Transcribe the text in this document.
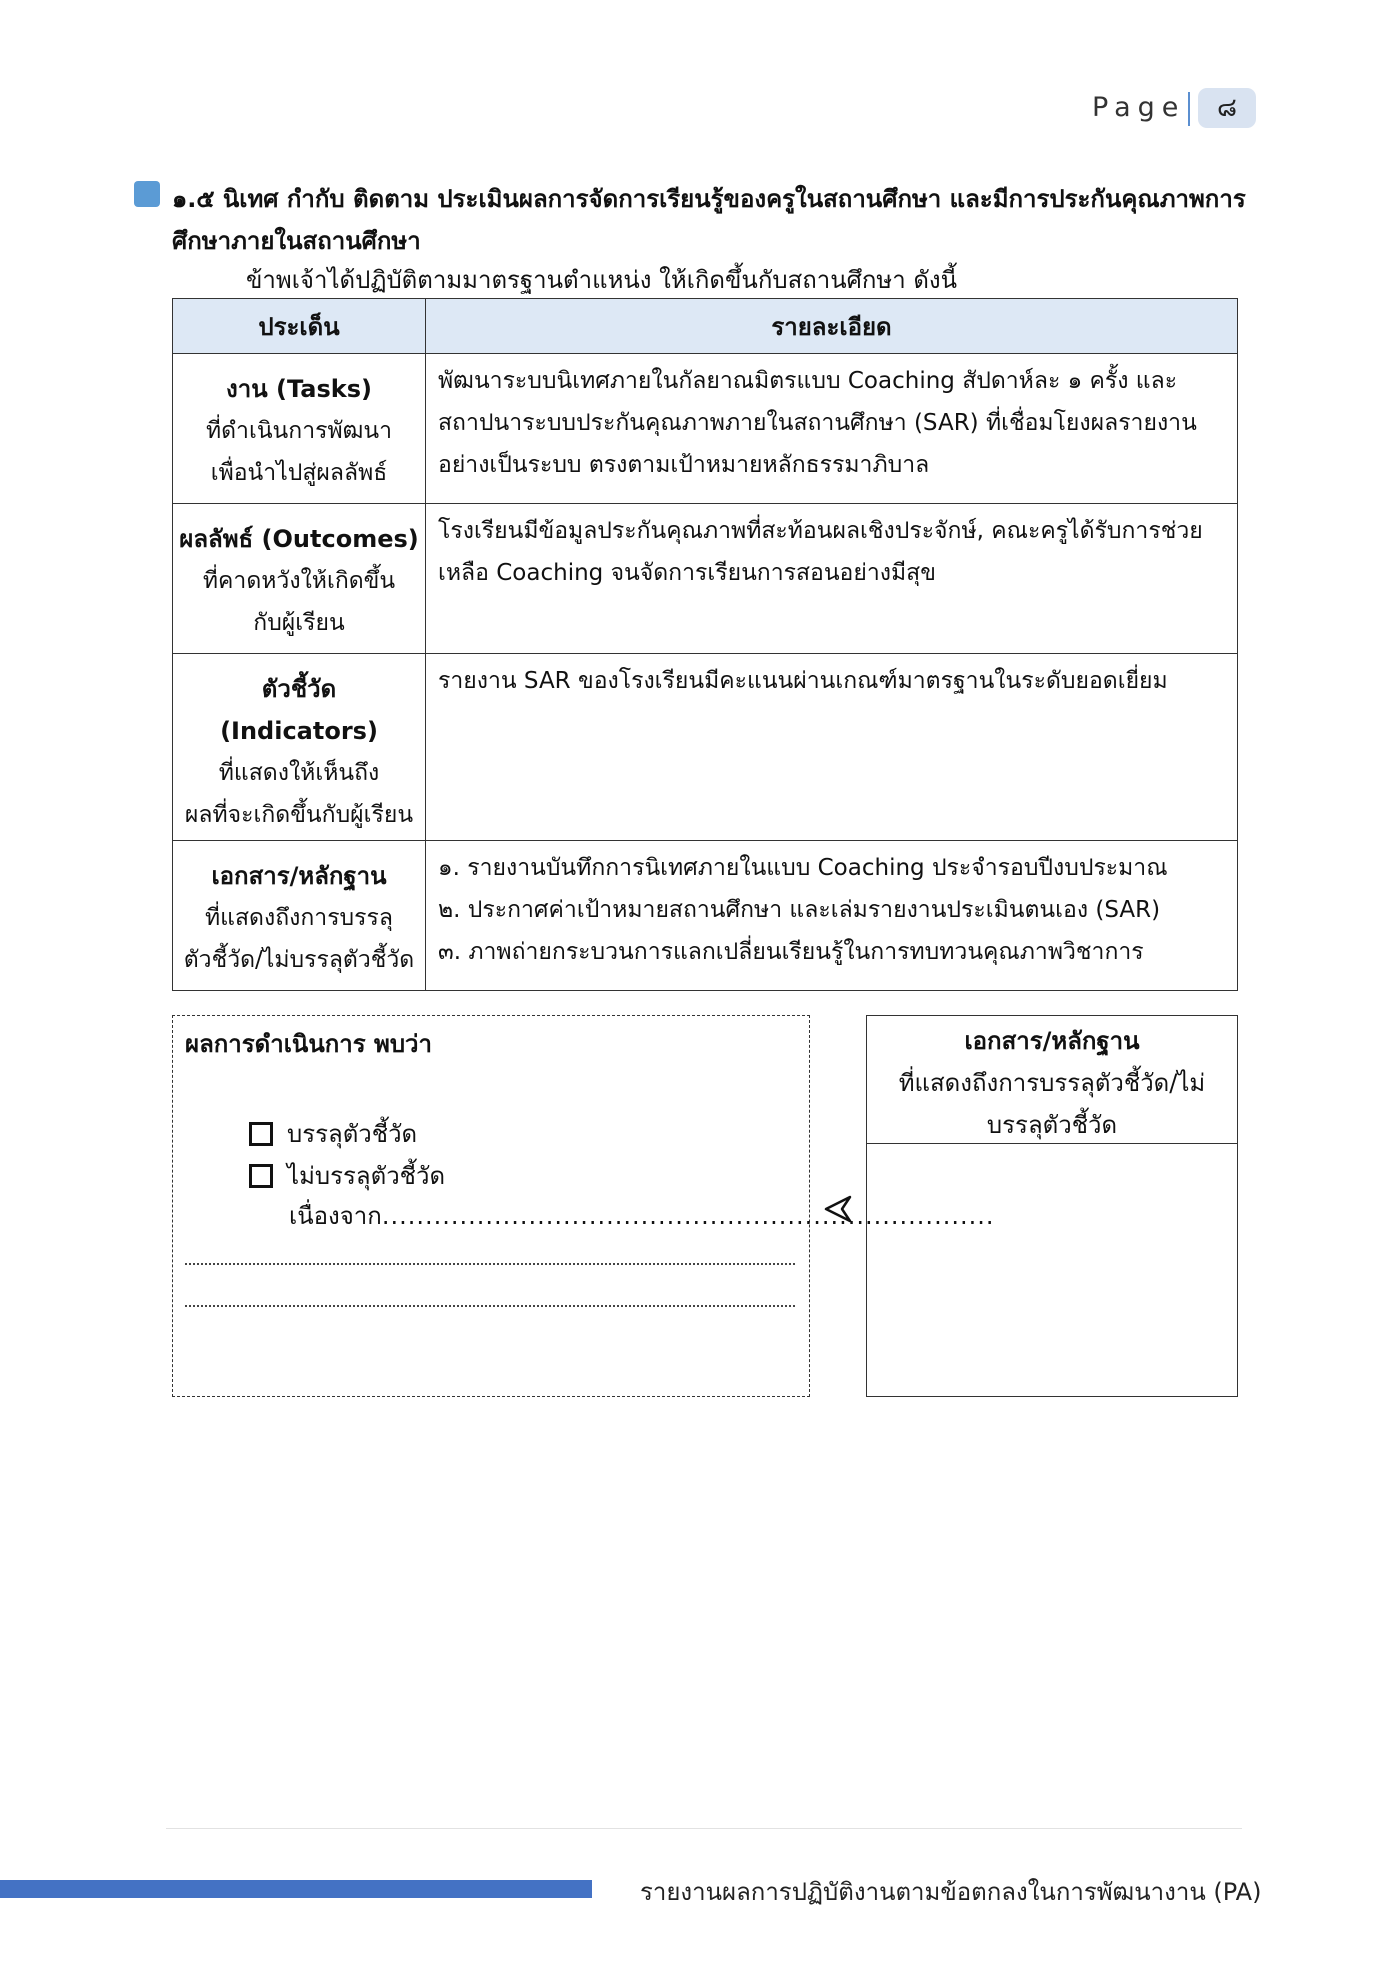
Page	๘
๑.๕ นิเทศ กำกับ ติดตาม ประเมินผลการจัดการเรียนรู้ของครูในสถานศึกษา และมีการประกันคุณภาพการศึกษาภายในสถานศึกษา
ข้าพเจ้าได้ปฏิบัติตามมาตรฐานตำแหน่ง ให้เกิดขึ้นกับสถานศึกษา ดังนี้
ประเด็น	รายละเอียด

งาน (Tasks)
ที่ดำเนินการพัฒนา
เพื่อนำไปสู่ผลลัพธ์	พัฒนาระบบนิเทศภายในกัลยาณมิตรแบบ Coaching สัปดาห์ละ ๑ ครั้ง และสถาปนาระบบประกันคุณภาพภายในสถานศึกษา (SAR) ที่เชื่อมโยงผลรายงานอย่างเป็นระบบ ตรงตามเป้าหมายหลักธรรมาภิบาล

ผลลัพธ์ (Outcomes)
ที่คาดหวังให้เกิดขึ้น
กับผู้เรียน	โรงเรียนมีข้อมูลประกันคุณภาพที่สะท้อนผลเชิงประจักษ์, คณะครูได้รับการช่วยเหลือ Coaching จนจัดการเรียนการสอนอย่างมีสุข

ตัวชี้วัด (Indicators)
ที่แสดงให้เห็นถึง
ผลที่จะเกิดขึ้นกับผู้เรียน	รายงาน SAR ของโรงเรียนมีคะแนนผ่านเกณฑ์มาตรฐานในระดับยอดเยี่ยม

เอกสาร/หลักฐาน
ที่แสดงถึงการบรรลุ
ตัวชี้วัด/ไม่บรรลุตัวชี้วัด	๑. รายงานบันทึกการนิเทศภายในแบบ Coaching ประจำรอบปีงบประมาณ
๒. ประกาศค่าเป้าหมายสถานศึกษา และเล่มรายงานประเมินตนเอง (SAR)
๓. ภาพถ่ายกระบวนการแลกเปลี่ยนเรียนรู้ในการทบทวนคุณภาพวิชาการ
ผลการดำเนินการ พบว่า
บรรลุตัวชี้วัด
ไม่บรรลุตัวชี้วัด
เนื่องจาก.......................................................................
เอกสาร/หลักฐาน
ที่แสดงถึงการบรรลุตัวชี้วัด/ไม่
บรรลุตัวชี้วัด
รายงานผลการปฏิบัติงานตามข้อตกลงในการพัฒนางาน (PA)
